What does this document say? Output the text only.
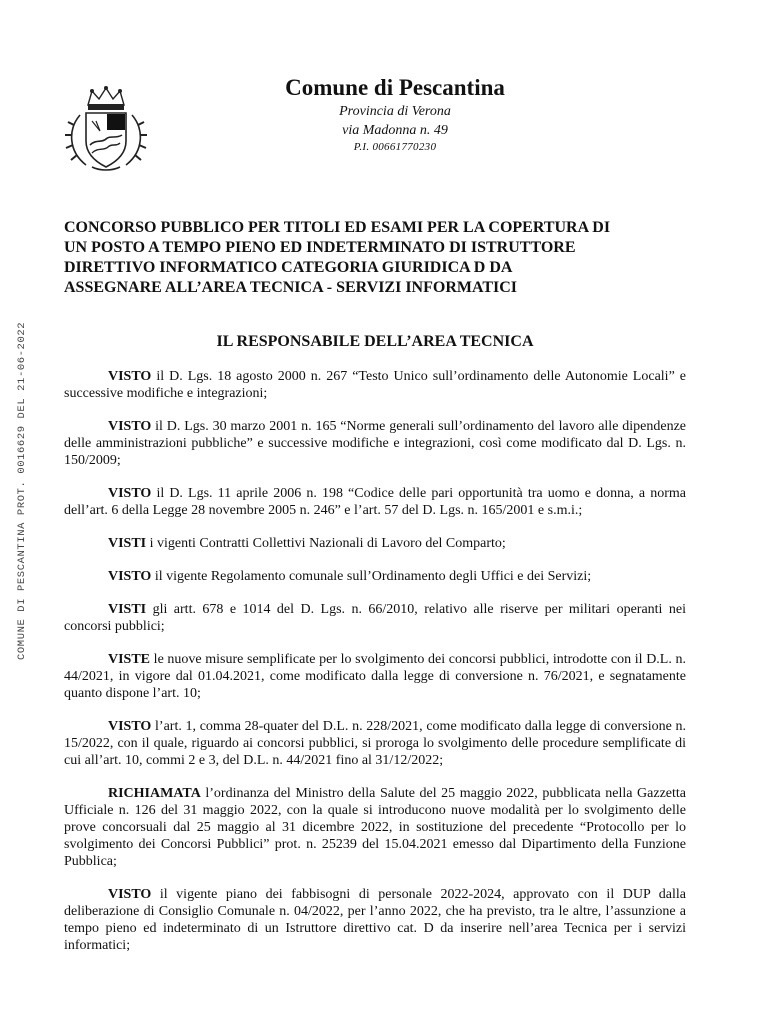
Comune di Pescantina
Provincia di Verona
via Madonna n. 49
P.I. 00661770230
COMUNE DI PESCANTINA PROT. 0016629 DEL 21-06-2022
CONCORSO PUBBLICO PER TITOLI ED ESAMI PER LA COPERTURA DI
UN POSTO A TEMPO PIENO ED INDETERMINATO DI ISTRUTTORE
DIRETTIVO INFORMATICO CATEGORIA GIURIDICA D DA
ASSEGNARE ALL’AREA TECNICA - SERVIZI INFORMATICI
IL RESPONSABILE DELL’AREA TECNICA

VISTO il D. Lgs. 18 agosto 2000 n. 267 “Testo Unico sull’ordinamento delle Autonomie Locali” e successive modifiche e integrazioni;

VISTO il D. Lgs. 30 marzo 2001 n. 165 “Norme generali sull’ordinamento del lavoro alle dipendenze delle amministrazioni pubbliche” e successive modifiche e integrazioni, così come modificato dal D. Lgs. n. 150/2009;

VISTO il D. Lgs. 11 aprile 2006 n. 198 “Codice delle pari opportunità tra uomo e donna, a norma dell’art. 6 della Legge 28 novembre 2005 n. 246” e l’art. 57 del D. Lgs. n. 165/2001 e s.m.i.;

VISTI i vigenti Contratti Collettivi Nazionali di Lavoro del Comparto;

VISTO il vigente Regolamento comunale sull’Ordinamento degli Uffici e dei Servizi;

VISTI gli artt. 678 e 1014 del D. Lgs. n. 66/2010, relativo alle riserve per militari operanti nei concorsi pubblici;

VISTE le nuove misure semplificate per lo svolgimento dei concorsi pubblici, introdotte con il D.L. n. 44/2021, in vigore dal 01.04.2021, come modificato dalla legge di conversione n. 76/2021, e segnatamente quanto dispone l’art. 10;

VISTO l’art. 1, comma 28-quater del D.L. n. 228/2021, come modificato dalla legge di conversione n. 15/2022, con il quale, riguardo ai concorsi pubblici, si proroga lo svolgimento delle procedure semplificate di cui all’art. 10, commi 2 e 3, del D.L. n. 44/2021 fino al 31/12/2022;

RICHIAMATA l’ordinanza del Ministro della Salute del 25 maggio 2022, pubblicata nella Gazzetta Ufficiale n. 126 del 31 maggio 2022, con la quale si introducono nuove modalità per lo svolgimento delle prove concorsuali dal 25 maggio al 31 dicembre 2022, in sostituzione del precedente “Protocollo per lo svolgimento dei Concorsi Pubblici” prot. n. 25239 del 15.04.2021 emesso dal Dipartimento della Funzione Pubblica;

VISTO il vigente piano dei fabbisogni di personale 2022-2024, approvato con il DUP dalla deliberazione di Consiglio Comunale n. 04/2022, per l’anno 2022, che ha previsto, tra le altre, l’assunzione a tempo pieno ed indeterminato di un Istruttore direttivo cat. D da inserire nell’area Tecnica per i servizi informatici;
